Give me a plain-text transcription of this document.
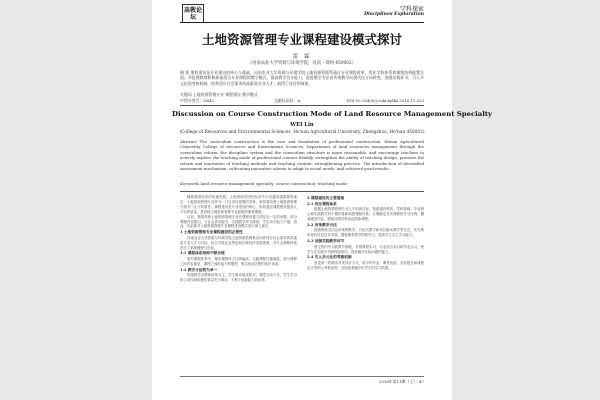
高教论坛
学科探索
Disciplines Exploration
土地资源管理专业课程建设模式探讨
雷 霖
（河南农业大学资源与环境学院，河南・郑州 450002）
摘 要 课程建设是专业建设的核心与基础。河南农业大学资源与环境学院土地资源管理系通过专业课程改革，优化学科体系和课程结构配置方面，并促使教师积极探索适合专业课程的教学模式，提高教学设计能力，促进教学方法由传统教学向现代化方向转变，加强实践环节，引入多元化的考核机制，培养适应社会需求的高素质专业人才，取得了良好的效果。
关键词 土地资源管理专业 课程建设 教学模式
中图分类号：G642	文献标识码：A	DOI:10.16400/j.cnki.kjdkz.2016.11.023
Discussion on Course Construction Mode of Land Resource Management Specialty
WEI Lin
(College of Resources and Environmental Sciences, He'nan Agricultural University, Zhengzhou, He'nan 450002)
Abstract The curriculum construction is the core and foundation of professional construction. Henan Agricultural University College of resources and Environment Sciences, Department of land resources management through the curriculum reform, the discipline system and the curriculum structure is more reasonable, and encourage teachers to actively explore the teaching mode of professional courses flexibly, strengthen the ability of teaching design, promote the reform and innovation of teaching methods and teaching content, strengthening practice. The introduction of diversified assessment mechanism, cultivating innovative talents to adapt to social needs, and achieved good results.
Keywords land resource management specialty; course construction; teaching mode

随着我国经济的快速发展，土地资源在国民经济中占有越来越重要的地位，土地资源管理专业作为一门应用性很强的学科，承担着培养土地资源管理方面专门人才的重任。课程建设是专业建设的核心，如何通过课程建设提高人才培养质量，是高校土地资源管理专业面临的重要课题。

目前，我国高校土地资源管理专业在课程设置方面存在一定的问题，部分课程内容陈旧，与社会需求脱节，实践教学环节薄弱，学生动手能力不强。因此，有必要对土地资源管理专业课程建设模式进行深入探讨。

1 土地资源管理专业课程建设的必要性

河南农业大学资源与环境学院土地资源管理系以培养适应社会需求的高素质专业人才为目标，结合学校农业特色和区域经济发展需要，对专业课程体系进行了系统梳理与优化。

1.1 课程体系结构不够合理

原有课程体系中，理论课程所占比例偏高，实践课程比重偏低，部分课程之间内容重复，课程之间衔接不够紧密，难以形成完整的知识体系。

1.2 教学方法较为单一

传统教学以教师讲授为主，学生被动接受知识，课堂互动不足，学生学习的主动性和积极性难以充分调动，不利于创新能力的培养。

2 课程建设的主要措施

2.1 优化课程体系

根据土地资源管理专业人才培养目标，按照通识教育、学科基础、专业核心和实践教学四个模块重新构建课程体系，合理确定各类课程的学分比例，删减重复内容，增加反映学科前沿的新课程。

2.2 改革教学方法

鼓励教师灵活运用案例教学、讨论式教学和项目驱动教学等方法，充分利用现代信息技术手段，增强课堂教学的吸引力，提高学生自主学习能力。

2.3 加强实践教学环节

建立校内外实践教学基地，开展课程实习、专业综合实习和毕业实习，使学生在实践中巩固理论知识，提高解决实际问题的能力。

2.4 引入多元化的考核机制

改变单一的期末考试评价方式，将平时作业、课堂表现、实验报告和课程论文等纳入考核范围，全面客观地评价学生的学习效果。

2016年第11期（上）・47
